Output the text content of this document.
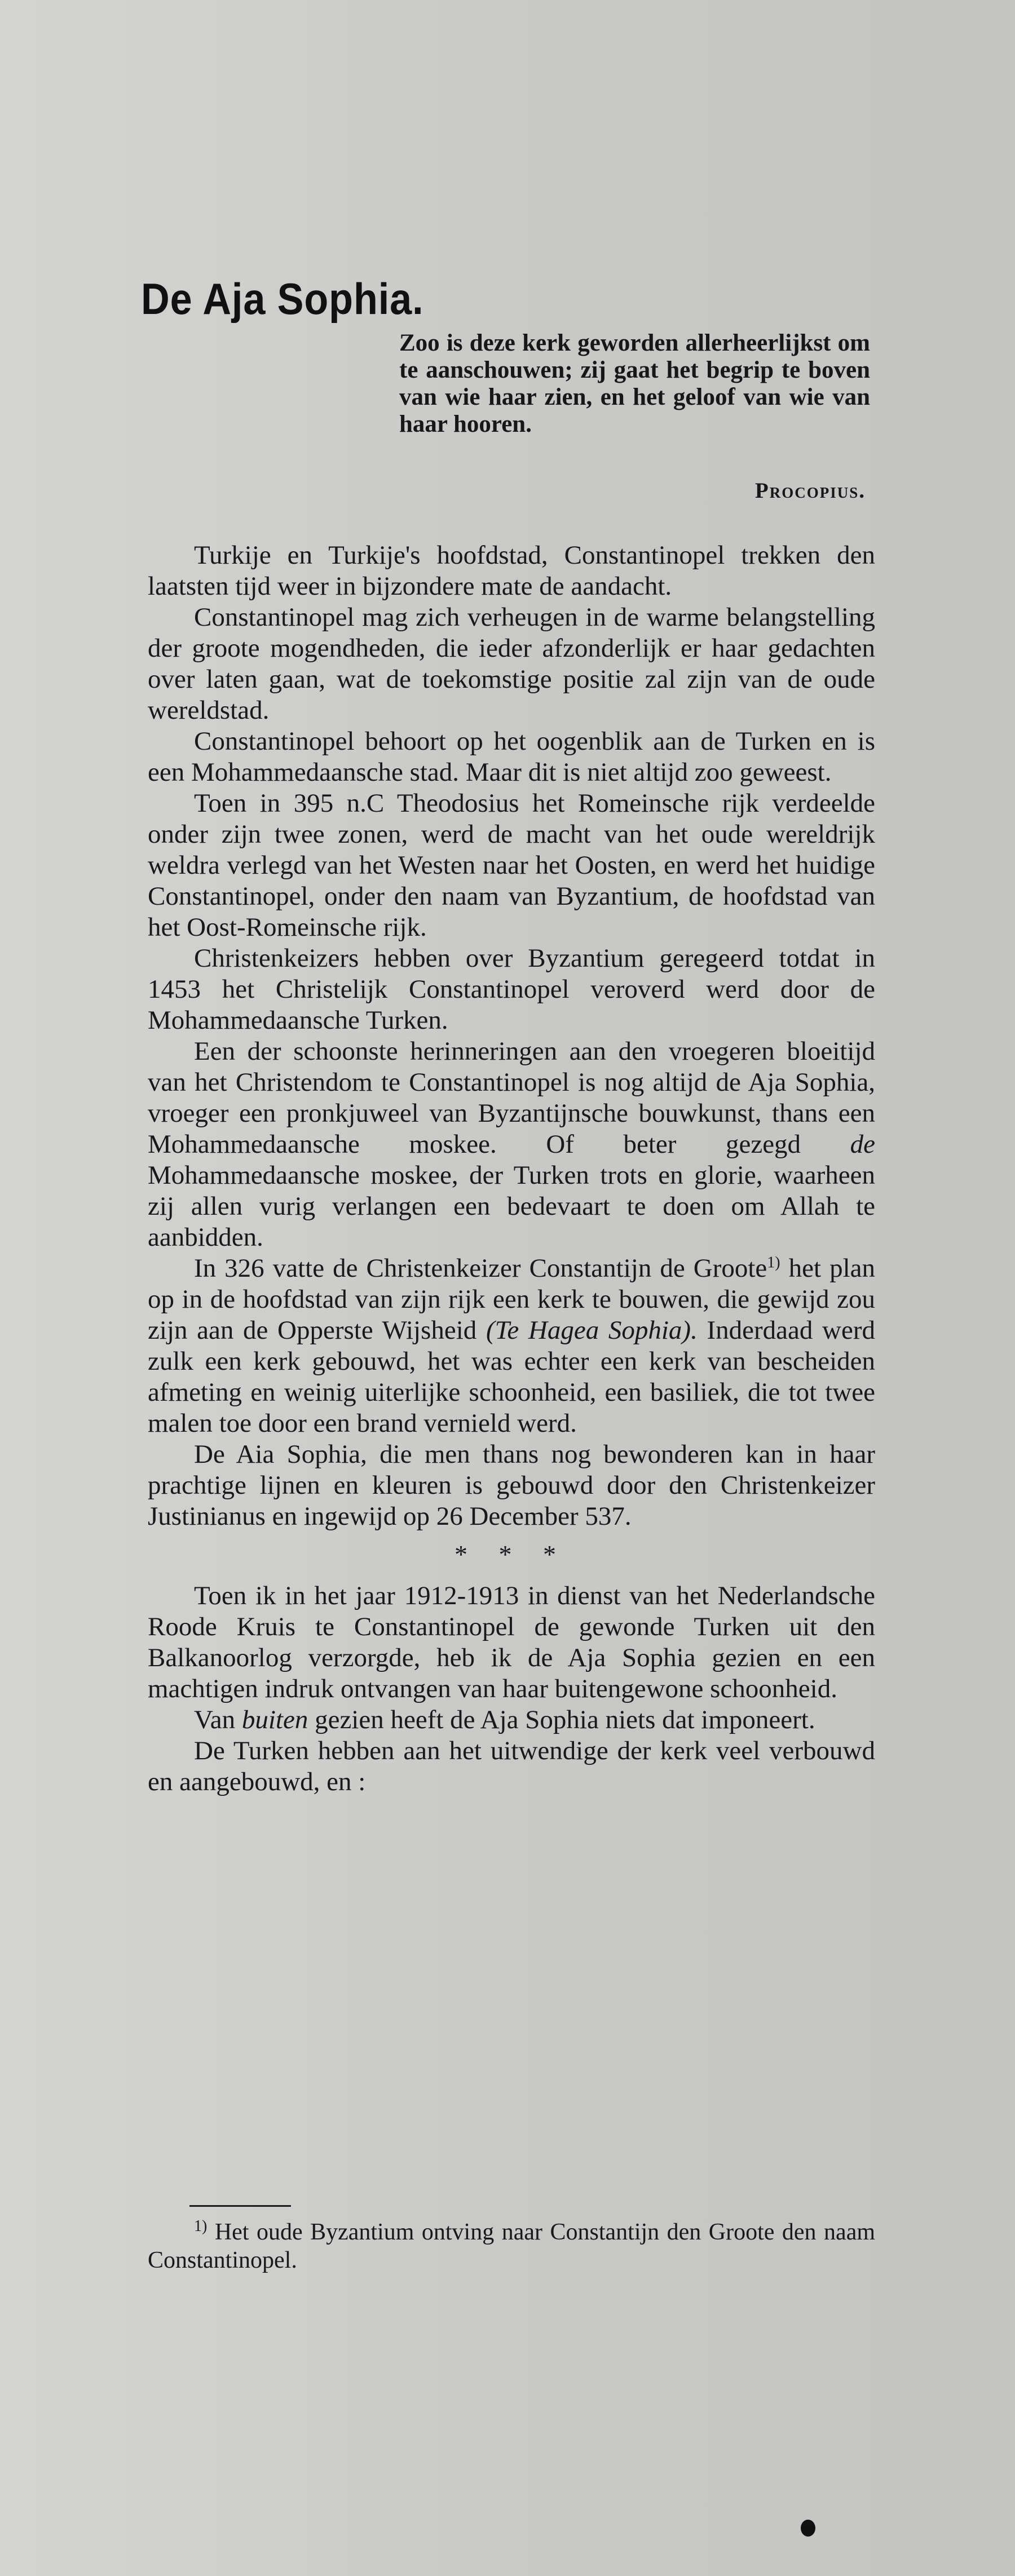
De Aja Sophia.
Zoo is deze kerk geworden allerheerlijkst om te aanschouwen; zij gaat het begrip te boven van wie haar zien, en het geloof van wie van haar hooren.
Procopius.

Turkije en Turkije's hoofdstad, Constantinopel trekken den laatsten tijd weer in bijzondere mate de aandacht.

Constantinopel mag zich verheugen in de warme belangstelling der groote mogendheden, die ieder afzonderlijk er haar gedachten over laten gaan, wat de toekomstige positie zal zijn van de oude wereldstad.

Constantinopel behoort op het oogenblik aan de Turken en is een Mohammedaansche stad. Maar dit is niet altijd zoo geweest.

Toen in 395 n.C Theodosius het Romeinsche rijk verdeelde onder zijn twee zonen, werd de macht van het oude wereldrijk weldra verlegd van het Westen naar het Oosten, en werd het huidige Constantinopel, onder den naam van Byzantium, de hoofdstad van het Oost-Romeinsche rijk.

Christenkeizers hebben over Byzantium geregeerd totdat in 1453 het Christelijk Constantinopel veroverd werd door de Mohammedaansche Turken.

Een der schoonste herinneringen aan den vroegeren bloeitijd van het Christendom te Constantinopel is nog altijd de Aja Sophia, vroeger een pronkjuweel van Byzantijnsche bouwkunst, thans een Mohammedaansche moskee. Of beter gezegd de Mohammedaansche moskee, der Turken trots en glorie, waarheen zij allen vurig verlangen een bedevaart te doen om Allah te aanbidden.

In 326 vatte de Christenkeizer Constantijn de Groote$^{1)}$ het plan op in de hoofdstad van zijn rijk een kerk te bouwen, die gewijd zou zijn aan de Opperste Wijsheid (Te Hagea Sophia). Inderdaad werd zulk een kerk gebouwd, het was echter een kerk van bescheiden afmeting en weinig uiterlijke schoonheid, een basiliek, die tot twee malen toe door een brand vernield werd.

De Aia Sophia, die men thans nog bewonderen kan in haar prachtige lijnen en kleuren is gebouwd door den Christenkeizer Justinianus en ingewijd op 26 December 537.

* * *

Toen ik in het jaar 1912-1913 in dienst van het Nederlandsche Roode Kruis te Constantinopel de gewonde Turken uit den Balkanoorlog verzorgde, heb ik de Aja Sophia gezien en een machtigen indruk ontvangen van haar buitengewone schoonheid.

Van buiten gezien heeft de Aja Sophia niets dat imponeert.

De Turken hebben aan het uitwendige der kerk veel verbouwd en aangebouwd, en :

$^{1)}$ Het oude Byzantium ontving naar Constantijn den Groote den naam Constantinopel.
